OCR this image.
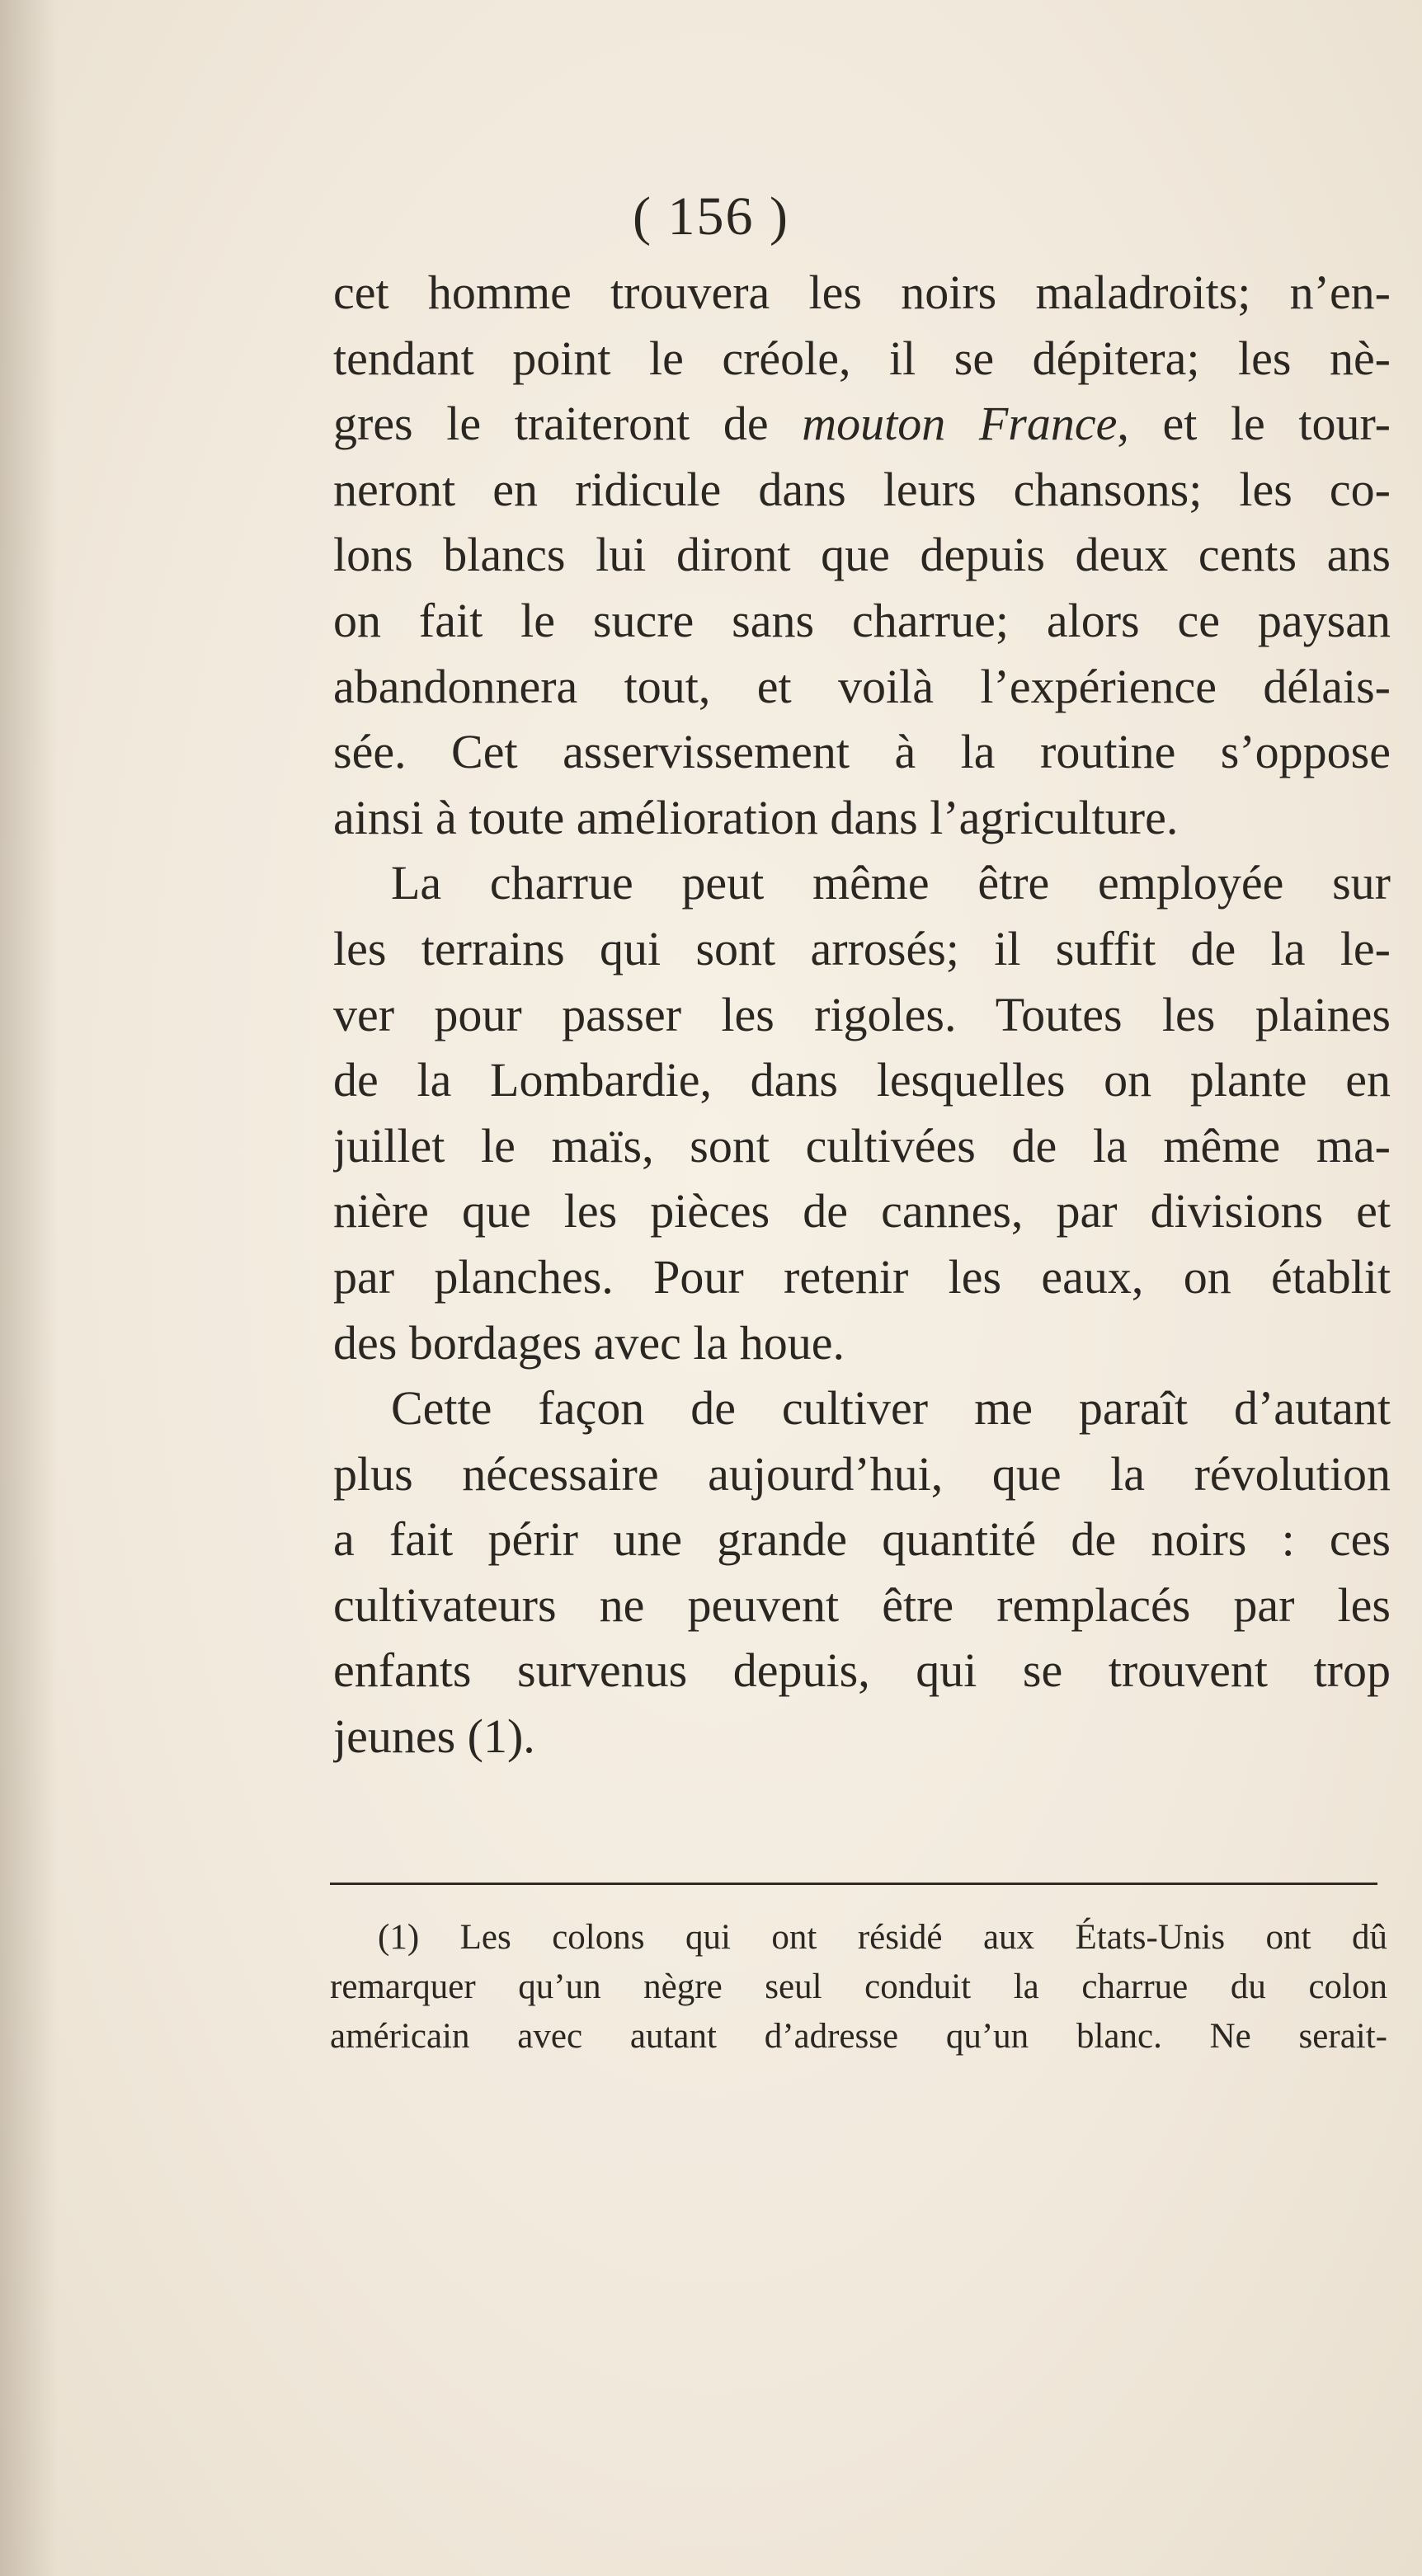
( 156 )
cet homme trouvera les noirs maladroits; n’en-
tendant point le créole, il se dépitera; les nè-
gres le traiteront de mouton France, et le tour-
neront en ridicule dans leurs chansons; les co-
lons blancs lui diront que depuis deux cents ans
on fait le sucre sans charrue; alors ce paysan
abandonnera tout, et voilà l’expérience délais-
sée. Cet asservissement à la routine s’oppose
ainsi à toute amélioration dans l’agriculture.
La charrue peut même être employée sur
les terrains qui sont arrosés; il suffit de la le-
ver pour passer les rigoles. Toutes les plaines
de la Lombardie, dans lesquelles on plante en
juillet le maïs, sont cultivées de la même ma-
nière que les pièces de cannes, par divisions et
par planches. Pour retenir les eaux, on établit
des bordages avec la houe.
Cette façon de cultiver me paraît d’autant
plus nécessaire aujourd’hui, que la révolution
a fait périr une grande quantité de noirs : ces
cultivateurs ne peuvent être remplacés par les
enfants survenus depuis, qui se trouvent trop
jeunes (1).
(1) Les colons qui ont résidé aux États-Unis ont dû
remarquer qu’un nègre seul conduit la charrue du colon
américain avec autant d’adresse qu’un blanc. Ne serait-
